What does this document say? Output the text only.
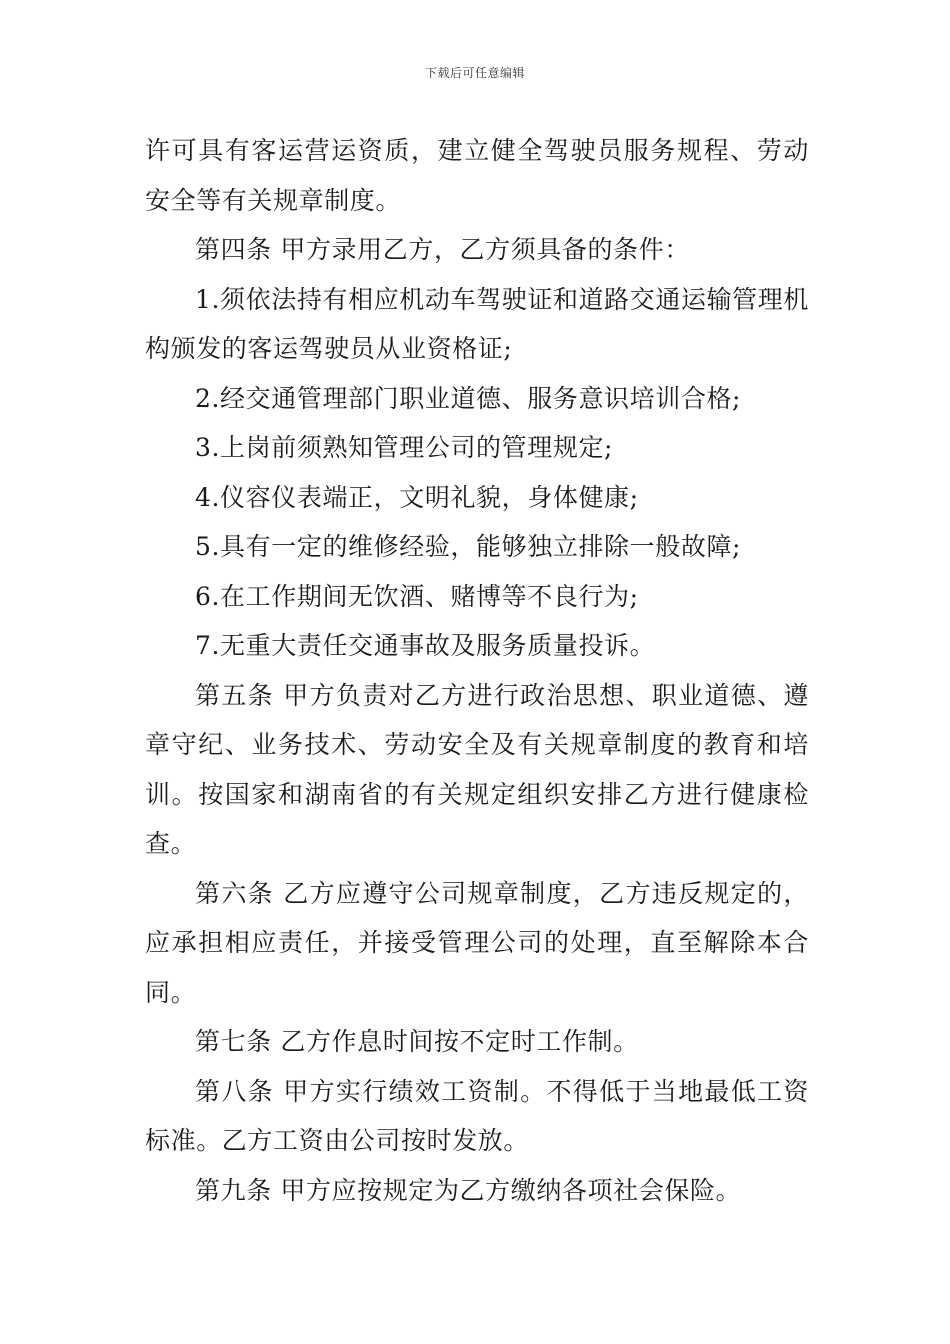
下载后可任意编辑

许可具有客运营运资质，建立健全驾驶员服务规程、劳动安全等有关规章制度。

第四条 甲方录用乙方，乙方须具备的条件：

1.须依法持有相应机动车驾驶证和道路交通运输管理机构颁发的客运驾驶员从业资格证;

2.经交通管理部门职业道德、服务意识培训合格;

3.上岗前须熟知管理公司的管理规定;

4.仪容仪表端正，文明礼貌，身体健康;

5.具有一定的维修经验，能够独立排除一般故障;

6.在工作期间无饮酒、赌博等不良行为;

7.无重大责任交通事故及服务质量投诉。

第五条 甲方负责对乙方进行政治思想、职业道德、遵章守纪、业务技术、劳动安全及有关规章制度的教育和培训。按国家和湖南省的有关规定组织安排乙方进行健康检查。

第六条 乙方应遵守公司规章制度，乙方违反规定的，应承担相应责任，并接受管理公司的处理，直至解除本合同。

第七条 乙方作息时间按不定时工作制。

第八条 甲方实行绩效工资制。不得低于当地最低工资标准。乙方工资由公司按时发放。

第九条 甲方应按规定为乙方缴纳各项社会保险。
